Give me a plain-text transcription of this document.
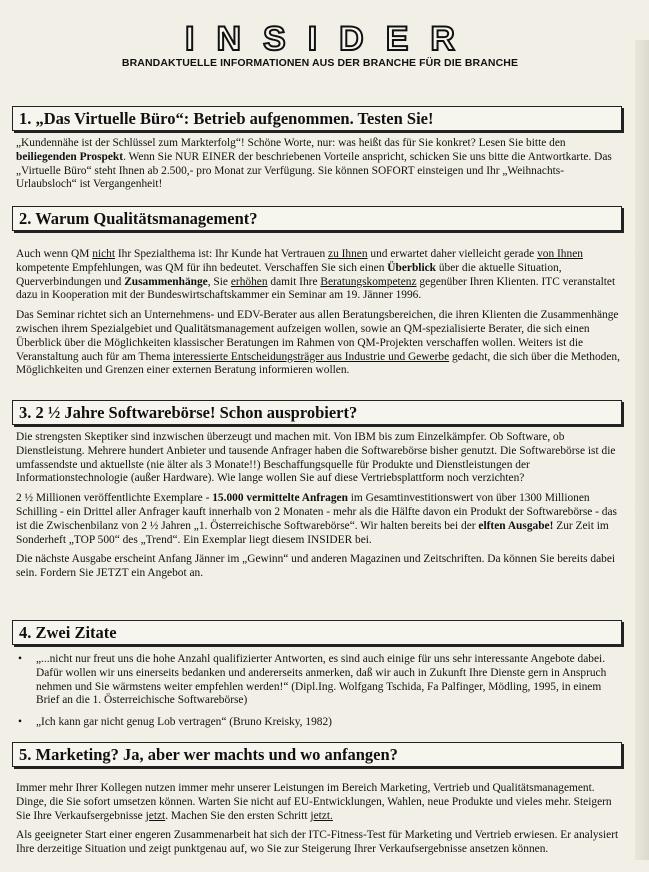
INSIDER
BRANDAKTUELLE INFORMATIONEN AUS DER BRANCHE FÜR DIE BRANCHE
1. „Das Virtuelle Büro“: Betrieb aufgenommen. Testen Sie!

„Kundennähe ist der Schlüssel zum Markterfolg“! Schöne Worte, nur: was heißt das für Sie konkret? Lesen Sie bitte den beiliegenden Prospekt. Wenn Sie NUR EINER der beschriebenen Vorteile anspricht, schicken Sie uns bitte die Antwortkarte. Das „Virtuelle Büro“ steht Ihnen ab 2.500,- pro Monat zur Verfügung. Sie können SOFORT einsteigen und Ihr „Weihnachts-Urlaubsloch“ ist Vergangenheit!

2. Warum Qualitätsmanagement?

Auch wenn QM nicht Ihr Spezialthema ist: Ihr Kunde hat Vertrauen zu Ihnen und erwartet daher vielleicht gerade von Ihnen kompetente Empfehlungen, was QM für ihn bedeutet. Verschaffen Sie sich einen Überblick über die aktuelle Situation, Querverbindungen und Zusammenhänge, Sie erhöhen damit Ihre Beratungskompetenz gegenüber Ihren Klienten. ITC veranstaltet dazu in Kooperation mit der Bundeswirtschaftskammer ein Seminar am 19. Jänner 1996.

Das Seminar richtet sich an Unternehmens- und EDV-Berater aus allen Beratungsbereichen, die ihren Klienten die Zusammenhänge zwischen ihrem Spezialgebiet und Qualitätsmanagement aufzeigen wollen, sowie an QM-spezialisierte Berater, die sich einen Überblick über die Möglichkeiten klassischer Beratungen im Rahmen von QM-Projekten verschaffen wollen. Weiters ist die Veranstaltung auch für am Thema interessierte Entscheidungsträger aus Industrie und Gewerbe gedacht, die sich über die Methoden, Möglichkeiten und Grenzen einer externen Beratung informieren wollen.

3. 2 ½ Jahre Softwarebörse! Schon ausprobiert?

Die strengsten Skeptiker sind inzwischen überzeugt und machen mit. Von IBM bis zum Einzelkämpfer. Ob Software, ob Dienstleistung. Mehrere hundert Anbieter und tausende Anfrager haben die Softwarebörse bisher genutzt. Die Softwarebörse ist die umfassendste und aktuellste (nie älter als 3 Monate!!) Beschaffungsquelle für Produkte und Dienstleistungen der Informationstechnologie (außer Hardware). Wie lange wollen Sie auf diese Vertriebsplattform noch verzichten?

2 ½ Millionen veröffentlichte Exemplare - 15.000 vermittelte Anfragen im Gesamtinvestitionswert von über 1300 Millionen Schilling - ein Drittel aller Anfrager kauft innerhalb von 2 Monaten - mehr als die Hälfte davon ein Produkt der Softwarebörse - das ist die Zwischenbilanz von 2 ½ Jahren „1. Österreichische Softwarebörse“. Wir halten bereits bei der elften Ausgabe! Zur Zeit im Sonderheft „TOP 500“ des „Trend“. Ein Exemplar liegt diesem INSIDER bei.

Die nächste Ausgabe erscheint Anfang Jänner im „Gewinn“ und anderen Magazinen und Zeitschriften. Da können Sie bereits dabei sein. Fordern Sie JETZT ein Angebot an.

4. Zwei Zitate
• „...nicht nur freut uns die hohe Anzahl qualifizierter Antworten, es sind auch einige für uns sehr interessante Angebote dabei. Dafür wollen wir uns einerseits bedanken und andererseits anmerken, daß wir auch in Zukunft Ihre Dienste gern in Anspruch nehmen und Sie wärmstens weiter empfehlen werden!“ (Dipl.Ing. Wolfgang Tschida, Fa Palfinger, Mödling, 1995, in einem Brief an die 1. Österreichische Softwarebörse)
• „Ich kann gar nicht genug Lob vertragen“ (Bruno Kreisky, 1982)
5. Marketing? Ja, aber wer machts und wo anfangen?

Immer mehr Ihrer Kollegen nutzen immer mehr unserer Leistungen im Bereich Marketing, Vertrieb und Qualitätsmanagement. Dinge, die Sie sofort umsetzen können. Warten Sie nicht auf EU-Entwicklungen, Wahlen, neue Produkte und vieles mehr. Steigern Sie Ihre Verkaufsergebnisse jetzt. Machen Sie den ersten Schritt jetzt.

Als geeigneter Start einer engeren Zusammenarbeit hat sich der ITC-Fitness-Test für Marketing und Vertrieb erwiesen. Er analysiert Ihre derzeitige Situation und zeigt punktgenau auf, wo Sie zur Steigerung Ihrer Verkaufsergebnisse ansetzen können.
